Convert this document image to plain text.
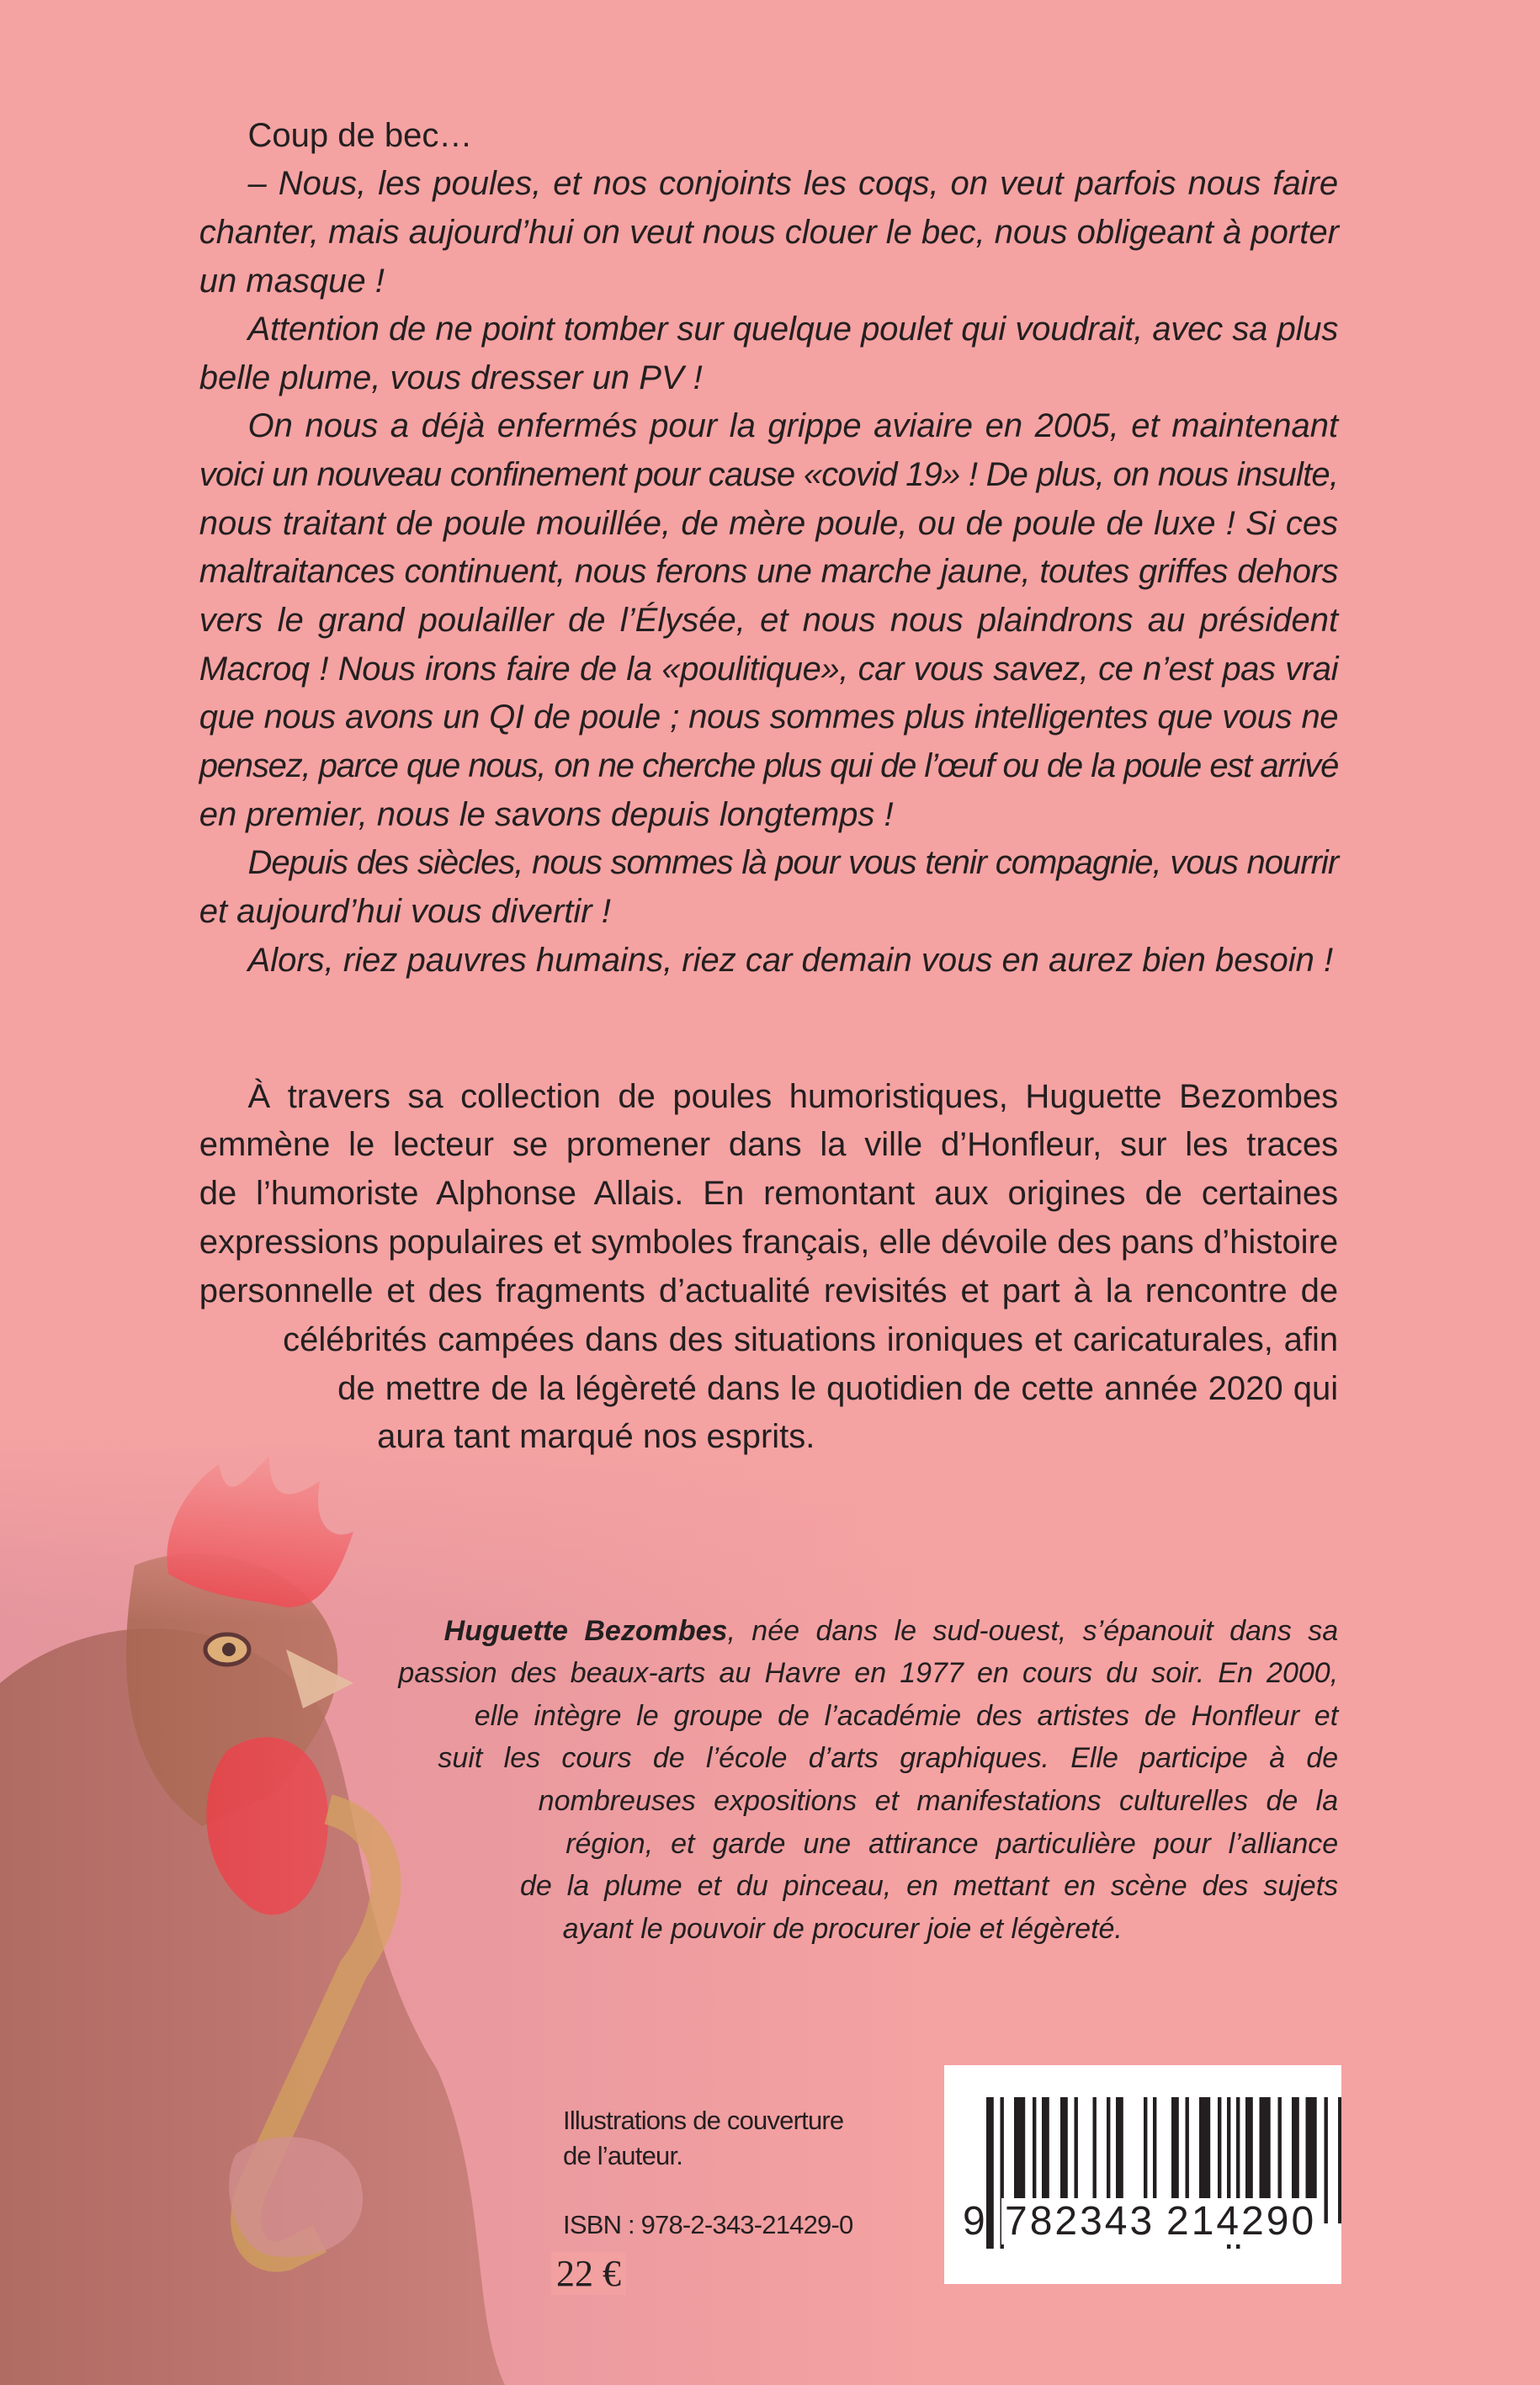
Coup de bec…
– Nous, les poules, et nos conjoints les coqs, on veut parfois nous faire
chanter, mais aujourd’hui on veut nous clouer le bec, nous obligeant à porter
un masque !
Attention de ne point tomber sur quelque poulet qui voudrait, avec sa plus
belle plume, vous dresser un PV !
On nous a déjà enfermés pour la grippe aviaire en 2005, et maintenant
voici un nouveau confinement pour cause «covid 19» ! De plus, on nous insulte,
nous traitant de poule mouillée, de mère poule, ou de poule de luxe ! Si ces
maltraitances continuent, nous ferons une marche jaune, toutes griffes dehors
vers le grand poulailler de l’Élysée, et nous nous plaindrons au président
Macroq ! Nous irons faire de la «poulitique», car vous savez, ce n’est pas vrai
que nous avons un QI de poule ; nous sommes plus intelligentes que vous ne
pensez, parce que nous, on ne cherche plus qui de l’œuf ou de la poule est arrivé
en premier, nous le savons depuis longtemps !
Depuis des siècles, nous sommes là pour vous tenir compagnie, vous nourrir
et aujourd’hui vous divertir !
Alors, riez pauvres humains, riez car demain vous en aurez bien besoin !
À travers sa collection de poules humoristiques, Huguette Bezombes
emmène le lecteur se promener dans la ville d’Honfleur, sur les traces
de l’humoriste Alphonse Allais. En remontant aux origines de certaines
expressions populaires et symboles français, elle dévoile des pans d’histoire
personnelle et des fragments d’actualité revisités et part à la rencontre de
célébrités campées dans des situations ironiques et caricaturales, afin
de mettre de la légèreté dans le quotidien de cette année 2020 qui
aura tant marqué nos esprits.
Huguette Bezombes, née dans le sud-ouest, s’épanouit dans sa
passion des beaux-arts au Havre en 1977 en cours du soir. En 2000,
elle intègre le groupe de l’académie des artistes de Honfleur et
suit les cours de l’école d’arts graphiques. Elle participe à de
nombreuses expositions et manifestations culturelles de la
région, et garde une attirance particulière pour l’alliance
de la plume et du pinceau, en mettant en scène des sujets
ayant le pouvoir de procurer joie et légèreté.
Illustrations de couverture
de l’auteur.
ISBN : 978-2-343-21429-0
22 €
9 782343 214290
